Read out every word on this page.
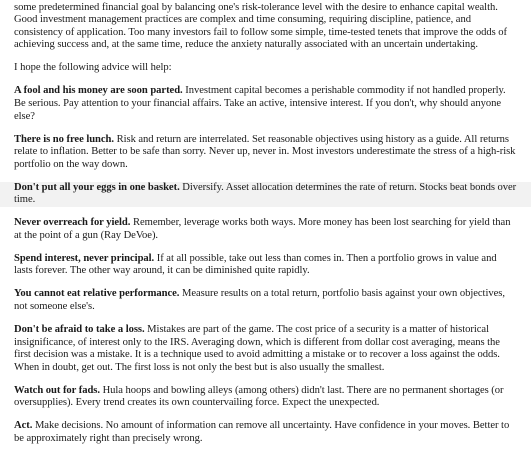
some predetermined financial goal by balancing one's risk-tolerance level with the desire to enhance capital wealth. Good investment management practices are complex and time consuming, requiring discipline, patience, and consistency of application. Too many investors fail to follow some simple, time-tested tenets that improve the odds of achieving success and, at the same time, reduce the anxiety naturally associated with an uncertain undertaking.

I hope the following advice will help:

A fool and his money are soon parted. Investment capital becomes a perishable commodity if not handled properly. Be serious. Pay attention to your financial affairs. Take an active, intensive interest. If you don't, why should anyone else?

There is no free lunch. Risk and return are interrelated. Set reasonable objectives using history as a guide. All returns relate to inflation. Better to be safe than sorry. Never up, never in. Most investors underestimate the stress of a high-risk portfolio on the way down.

Don't put all your eggs in one basket. Diversify. Asset allocation determines the rate of return. Stocks beat bonds over time.

Never overreach for yield. Remember, leverage works both ways. More money has been lost searching for yield than at the point of a gun (Ray DeVoe).

Spend interest, never principal. If at all possible, take out less than comes in. Then a portfolio grows in value and lasts forever. The other way around, it can be diminished quite rapidly.

You cannot eat relative performance. Measure results on a total return, portfolio basis against your own objectives, not someone else's.

Don't be afraid to take a loss. Mistakes are part of the game. The cost price of a security is a matter of historical insignificance, of interest only to the IRS. Averaging down, which is different from dollar cost averaging, means the first decision was a mistake. It is a technique used to avoid admitting a mistake or to recover a loss against the odds. When in doubt, get out. The first loss is not only the best but is also usually the smallest.

Watch out for fads. Hula hoops and bowling alleys (among others) didn't last. There are no permanent shortages (or oversupplies). Every trend creates its own countervailing force. Expect the unexpected.

Act. Make decisions. No amount of information can remove all uncertainty. Have confidence in your moves. Better to be approximately right than precisely wrong.
